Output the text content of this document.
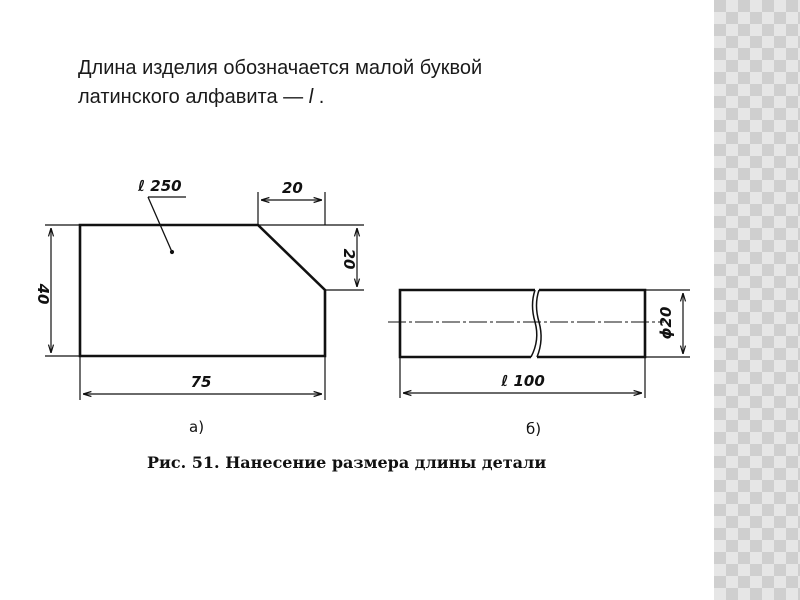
Длина изделия обозначается малой буквой
латинского алфавита — l .
ℓ 250	20
20
40
75
а)
ϕ20
ℓ 100
б)
Рис. 51. Нанесение размера длины детали
